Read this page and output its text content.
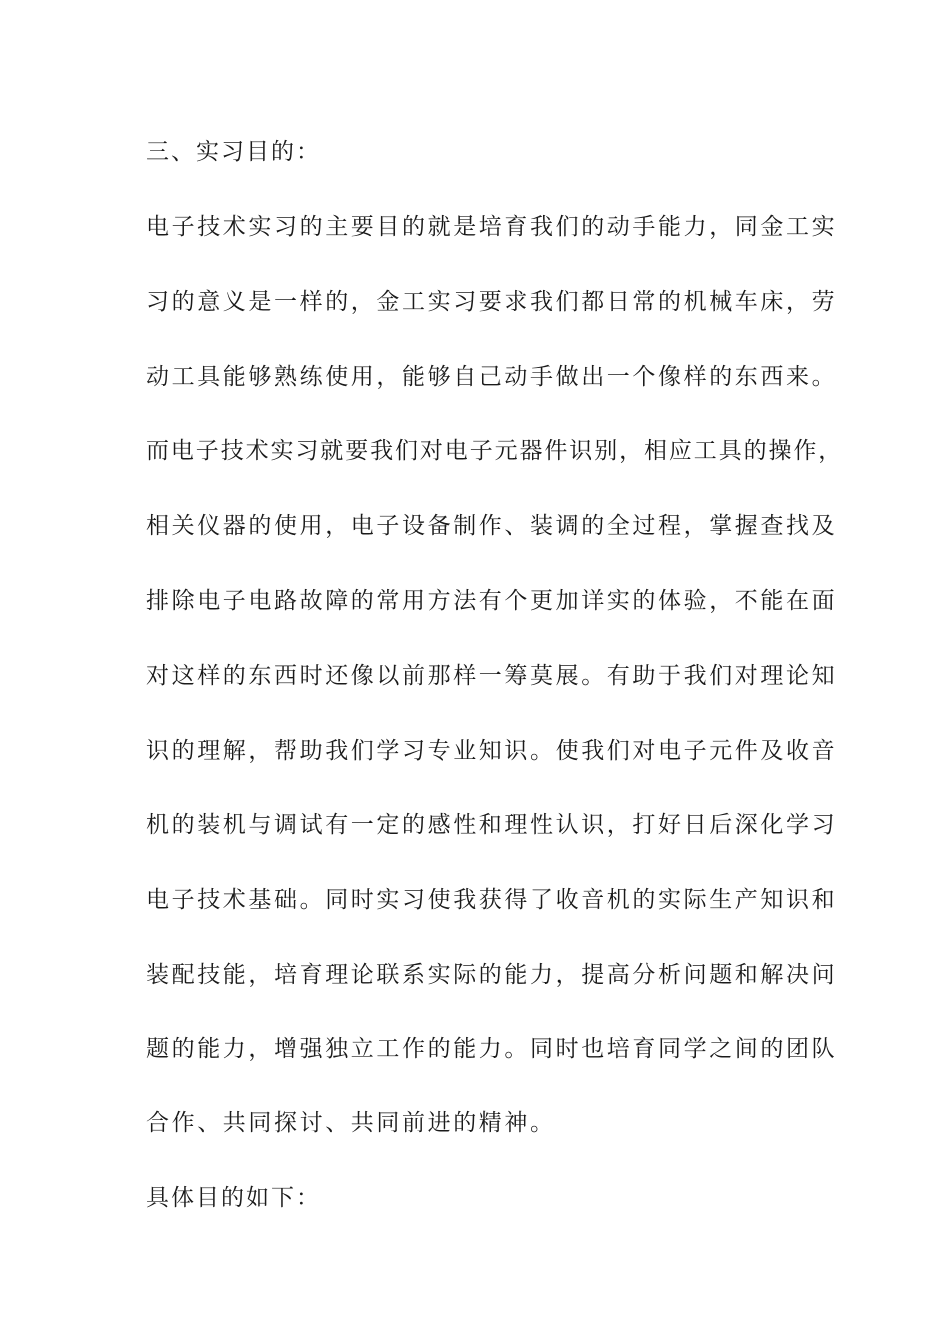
三、实习目的：
电子技术实习的主要目的就是培育我们的动手能力，同金工实
习的意义是一样的，金工实习要求我们都日常的机械车床，劳
动工具能够熟练使用，能够自己动手做出一个像样的东西来。
而电子技术实习就要我们对电子元器件识别，相应工具的操作，
相关仪器的使用，电子设备制作、装调的全过程，掌握查找及
排除电子电路故障的常用方法有个更加详实的体验，不能在面
对这样的东西时还像以前那样一筹莫展。有助于我们对理论知
识的理解，帮助我们学习专业知识。使我们对电子元件及收音
机的装机与调试有一定的感性和理性认识，打好日后深化学习
电子技术基础。同时实习使我获得了收音机的实际生产知识和
装配技能，培育理论联系实际的能力，提高分析问题和解决问
题的能力，增强独立工作的能力。同时也培育同学之间的团队
合作、共同探讨、共同前进的精神。
具体目的如下：
